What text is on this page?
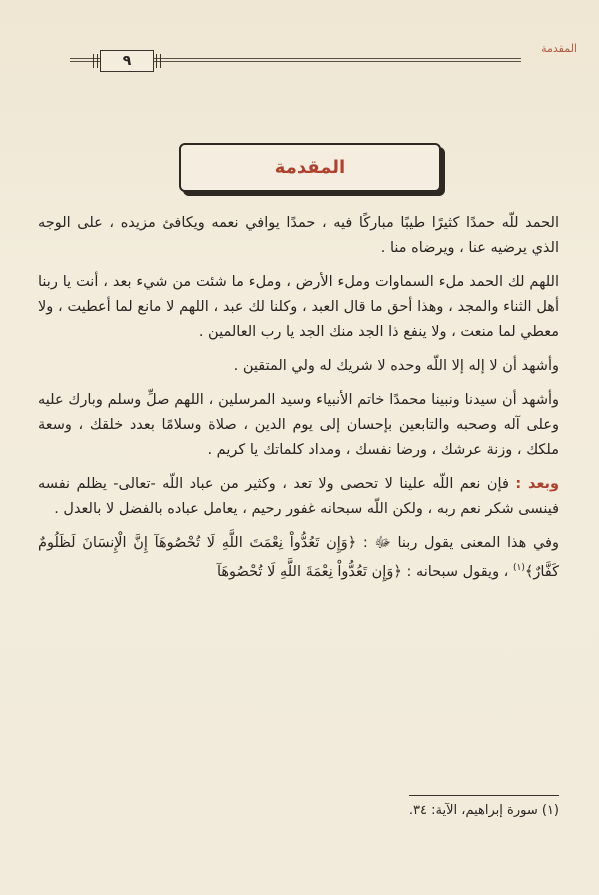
المقدمة
٩
المقدمة

الحمد للّه حمدًا كثيرًا طيبًا مباركًا فيه ، حمدًا يوافي نعمه ويكافئ مزيده ، على الوجه الذي يرضيه عنا ، ويرضاه منا .

اللهم لك الحمد ملء السماوات وملء الأرض ، وملء ما شئت من شيء بعد ، أنت يا ربنا أهل الثناء والمجد ، وهذا أحق ما قال العبد ، وكلنا لك عبد ، اللهم لا مانع لما أعطيت ، ولا معطي لما منعت ، ولا ينفع ذا الجد منك الجد يا رب العالمين .

وأشهد أن لا إله إلا اللّه وحده لا شريك له ولي المتقين .

وأشهد أن سيدنا ونبينا محمدًا خاتم الأنبياء وسيد المرسلين ، اللهم صلِّ وسلم وبارك عليه وعلى آله وصحبه والتابعين بإحسان إلى يوم الدين ، صلاة وسلامًا بعدد خلقك ، وسعة ملكك ، وزنة عرشك ، ورضا نفسك ، ومداد كلماتك يا كريم .

وبعد : فإن نعم اللّه علينا لا تحصى ولا تعد ، وكثير من عباد اللّه -تعالى- يظلم نفسه فينسى شكر نعم ربه ، ولكن اللّه سبحانه غفور رحيم ، يعامل عباده بالفضل لا بالعدل .

وفي هذا المعنى يقول ربنا ﷻ : ﴿وَإِن تَعُدُّواْ نِعْمَتَ اللَّهِ لَا تُحْصُوهَآ إِنَّ الْإِنسَانَ لَظَلُومٌ كَفَّارٌ﴾$^{(١)}$ ، ويقول سبحانه : ﴿وَإِن تَعُدُّواْ نِعْمَةَ اللَّهِ لَا تُحْصُوهَآ

(١) سورة إبراهيم، الآية: ٣٤.
